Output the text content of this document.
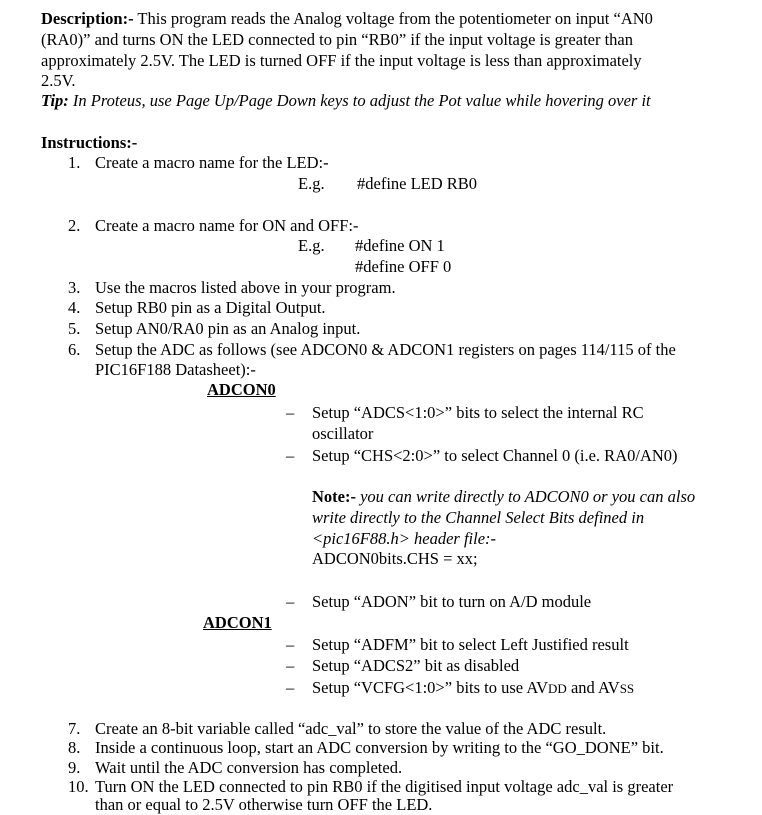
Description:- This program reads the Analog voltage from the potentiometer on input “AN0
(RA0)” and turns ON the LED connected to pin “RB0” if the input voltage is greater than
approximately 2.5V. The LED is turned OFF if the input voltage is less than approximately
2.5V.
Tip: In Proteus, use Page Up/Page Down keys to adjust the Pot value while hovering over it
Instructions:-
1. Create a macro name for the LED:-
E.g. #define LED RB0
2. Create a macro name for ON and OFF:-
E.g. #define ON 1
#define OFF 0
3. Use the macros listed above in your program.
4. Setup RB0 pin as a Digital Output.
5. Setup AN0/RA0 pin as an Analog input.
6. Setup the ADC as follows (see ADCON0 & ADCON1 registers on pages 114/115 of the
PIC16F188 Datasheet):-
ADCON0
– Setup “ADCS<1:0>” bits to select the internal RC
oscillator
– Setup “CHS<2:0>” to select Channel 0 (i.e. RA0/AN0)
Note:- you can write directly to ADCON0 or you can also
write directly to the Channel Select Bits defined in
<pic16F88.h> header file:-
ADCON0bits.CHS = xx;
– Setup “ADON” bit to turn on A/D module
ADCON1
– Setup “ADFM” bit to select Left Justified result
– Setup “ADCS2” bit as disabled
– Setup “VCFG<1:0>” bits to use AVDD and AVSS
7. Create an 8-bit variable called “adc_val” to store the value of the ADC result.
8. Inside a continuous loop, start an ADC conversion by writing to the “GO_DONE” bit.
9. Wait until the ADC conversion has completed.
10. Turn ON the LED connected to pin RB0 if the digitised input voltage adc_val is greater
than or equal to 2.5V otherwise turn OFF the LED.
